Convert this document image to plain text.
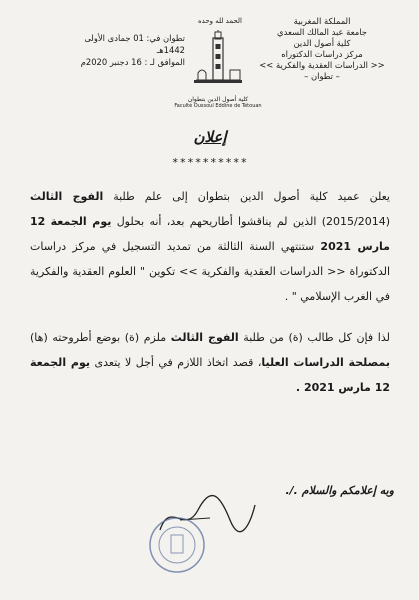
المملكة المغربية
جامعة عبد المالك السعدي
كلية أصول الدين
مركز دراسات الدكتوراه
<< الدراسات العقدية والفكرية >>
– تطوان –
الحمد لله وحده
كلية أصول الدين بتطوان
Faculté Oussoul Eddine de Tétouan
تطوان في: 01 جمادى الأولى 1442هـ
الموافق لـ : 16 دجنبر 2020م
إعلان
**********

يعلن عميد كلية أصول الدين بتطوان إلى علم طلبة الفوج الثالث (2015/2014) الذين لم يناقشوا أطاريحهم بعد، أنه بحلول يوم الجمعة 12 مارس 2021 ستنتهي السنة الثالثة من تمديد التسجيل في مركز دراسات الدكتوراة << الدراسات العقدية والفكرية >> تكوين " العلوم العقدية والفكرية في الغرب الإسلامي " .

لذا فإن كل طالب (ة) من طلبة الفوج الثالث ملزم (ة) بوضع أطروحته (ها) بمصلحة الدراسات العليا، قصد اتخاذ اللازم في أجل لا يتعدى يوم الجمعة 12 مارس 2021 .

وبه إعلامكم والسلام ./.
